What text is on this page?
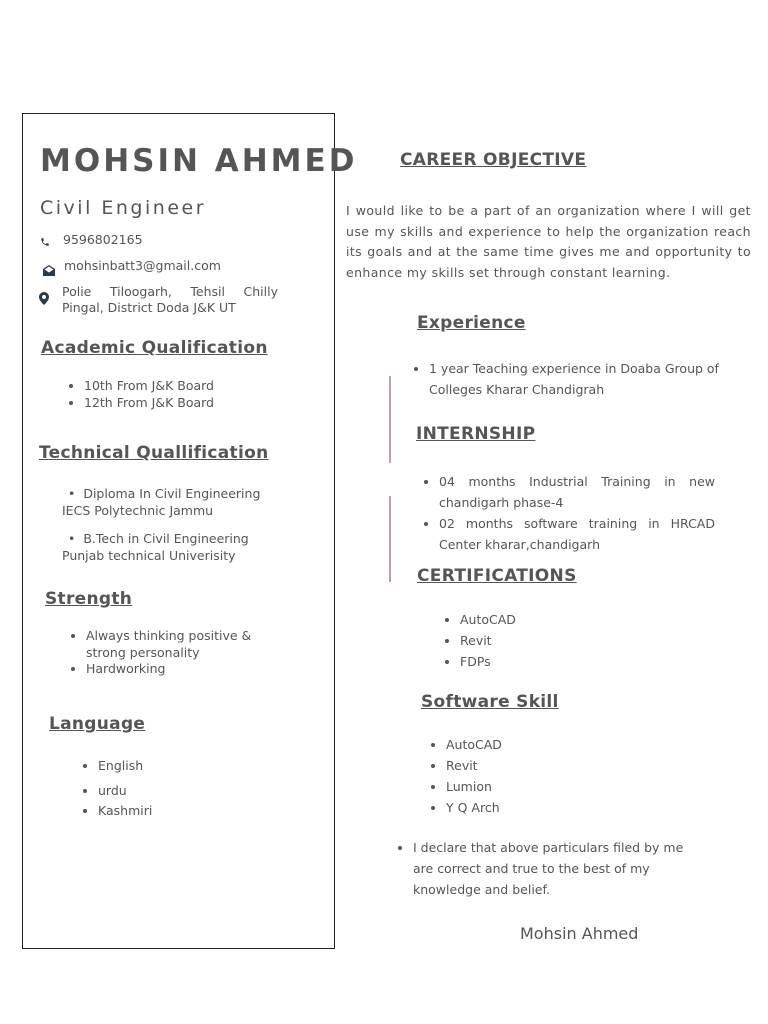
MOHSIN AHMED
Civil Engineer
9596802165
mohsinbatt3@gmail.com
Polie Tiloogarh, Tehsil Chilly Pingal, District Doda J&K UT
Academic Qualification
• 10th From J&K Board
• 12th From J&K Board
Technical Quallification
• Diploma In Civil Engineering
IECS Polytechnic Jammu
• B.Tech in Civil Engineering
Punjab technical Univerisity
Strength
• Always thinking positive & strong personality
• Hardworking
Language
• English
• urdu
• Kashmiri
CAREER OBJECTIVE
I would like to be a part of an organization where I will get use my skills and experience to help the organization reach its goals and at the same time gives me and opportunity to enhance my skills set through constant learning.
Experience
• 1 year Teaching experience in Doaba Group of Colleges Kharar Chandigrah
INTERNSHIP
• 04 months Industrial Training in new chandigarh phase-4
• 02 months software training in HRCAD Center kharar,chandigarh
CERTIFICATIONS
• AutoCAD
• Revit
• FDPs
Software Skill
• AutoCAD
• Revit
• Lumion
• Y Q Arch
• I declare that above particulars filed by me are correct and true to the best of my knowledge and belief.
Mohsin Ahmed
